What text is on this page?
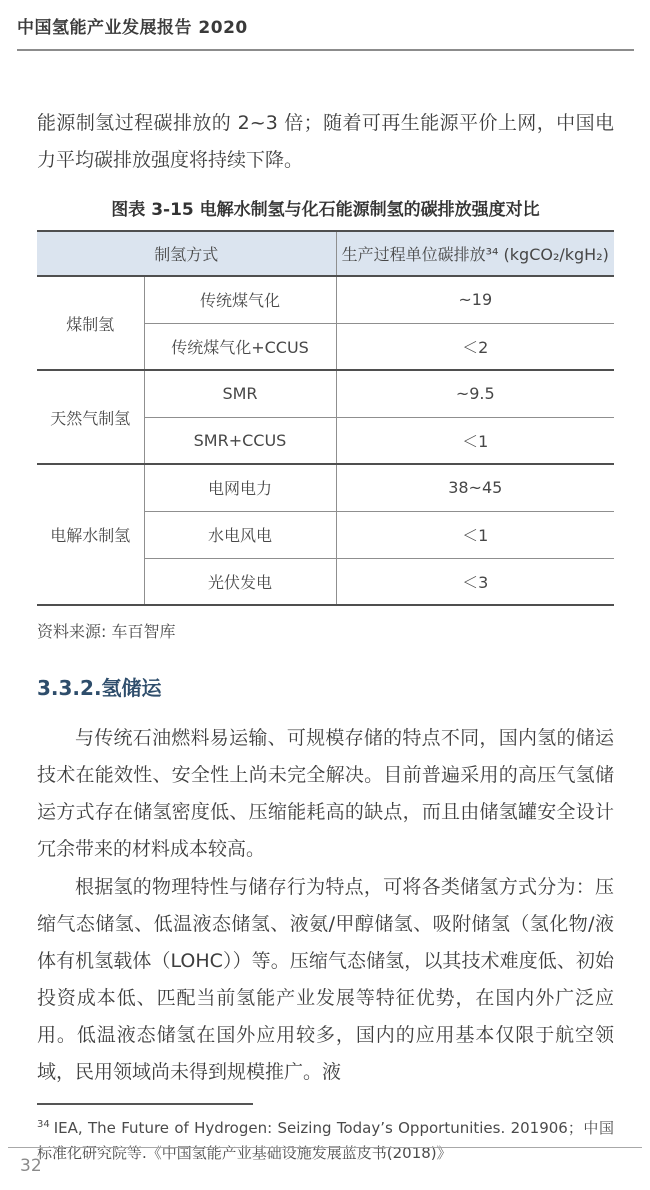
中国氢能产业发展报告 2020

能源制氢过程碳排放的 2~3 倍；随着可再生能源平价上网，中国电力平均碳排放强度将持续下降。

图表 3-15 电解水制氢与化石能源制氢的碳排放强度对比
制氢方式		生产过程单位碳排放³⁴ (kgCO₂/kgH₂)
煤制氢	传统煤气化	~19
	传统煤气化+CCUS	＜2
天然气制氢	SMR	~9.5
	SMR+CCUS	＜1
电解水制氢	电网电力	38~45
	水电风电	＜1
	光伏发电	＜3
资料来源: 车百智库
3.3.2.氢储运

与传统石油燃料易运输、可规模存储的特点不同，国内氢的储运技术在能效性、安全性上尚未完全解决。目前普遍采用的高压气氢储运方式存在储氢密度低、压缩能耗高的缺点，而且由储氢罐安全设计冗余带来的材料成本较高。

根据氢的物理特性与储存行为特点，可将各类储氢方式分为：压缩气态储氢、低温液态储氢、液氨/甲醇储氢、吸附储氢（氢化物/液体有机氢载体（LOHC））等。压缩气态储氢，以其技术难度低、初始投资成本低、匹配当前氢能产业发展等特征优势，在国内外广泛应用。低温液态储氢在国外应用较多，国内的应用基本仅限于航空领域，民用领域尚未得到规模推广。液

$^{34}$ IEA, The Future of Hydrogen: Seizing Today’s Opportunities. 201906；中国标准化研究院等.《中国氢能产业基础设施发展蓝皮书(2018)》

32
